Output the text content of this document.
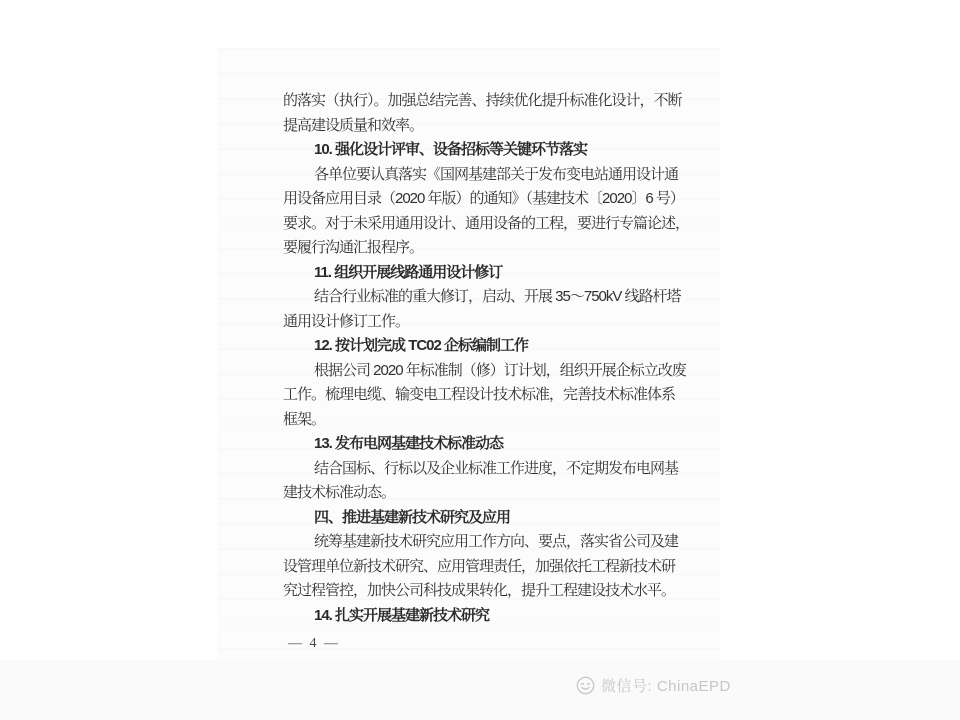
的落实（执行）。加强总结完善、持续优化提升标准化设计，不断
提高建设质量和效率。
10. 强化设计评审、设备招标等关键环节落实
各单位要认真落实《国网基建部关于发布变电站通用设计通
用设备应用目录（2020 年版）的通知》（基建技术〔2020〕6 号）
要求。对于未采用通用设计、通用设备的工程，要进行专篇论述，
要履行沟通汇报程序。
11. 组织开展线路通用设计修订
结合行业标准的重大修订，启动、开展 35～750kV 线路杆塔
通用设计修订工作。
12. 按计划完成 TC02 企标编制工作
根据公司 2020 年标准制（修）订计划，组织开展企标立改废
工作。梳理电缆、输变电工程设计技术标准，完善技术标准体系
框架。
13. 发布电网基建技术标准动态
结合国标、行标以及企业标准工作进度，不定期发布电网基
建技术标准动态。
四、推进基建新技术研究及应用
统筹基建新技术研究应用工作方向、要点，落实省公司及建
设管理单位新技术研究、应用管理责任，加强依托工程新技术研
究过程管控，加快公司科技成果转化，提升工程建设技术水平。
14. 扎实开展基建新技术研究
— 4 —
微信号: ChinaEPD
